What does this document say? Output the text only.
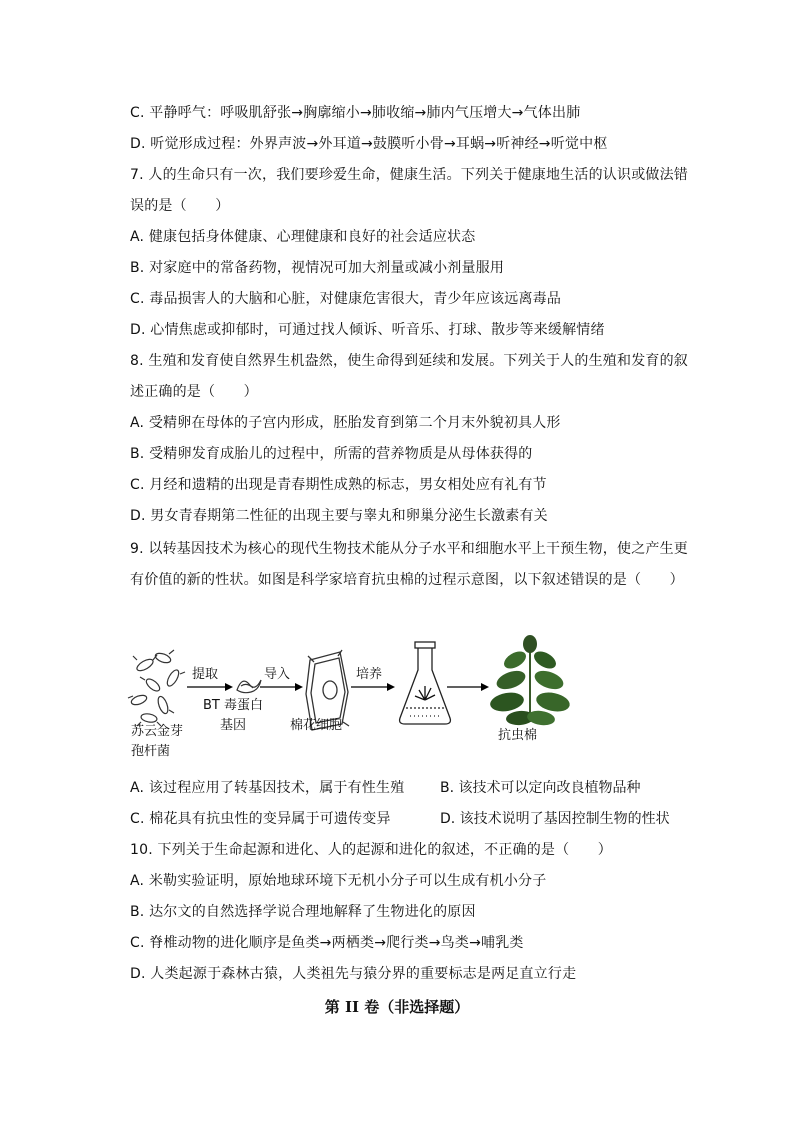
C. 平静呼气：呼吸肌舒张→胸廓缩小→肺收缩→肺内气压增大→气体出肺
D. 听觉形成过程：外界声波→外耳道→鼓膜听小骨→耳蜗→听神经→听觉中枢
7. 人的生命只有一次，我们要珍爱生命，健康生活。下列关于健康地生活的认识或做法错
误的是（　　）
A. 健康包括身体健康、心理健康和良好的社会适应状态
B. 对家庭中的常备药物，视情况可加大剂量或减小剂量服用
C. 毒品损害人的大脑和心脏，对健康危害很大，青少年应该远离毒品
D. 心情焦虑或抑郁时，可通过找人倾诉、听音乐、打球、散步等来缓解情绪
8. 生殖和发育使自然界生机盎然，使生命得到延续和发展。下列关于人的生殖和发育的叙
述正确的是（　　）
A. 受精卵在母体的子宫内形成，胚胎发育到第二个月末外貌初具人形
B. 受精卵发育成胎儿的过程中，所需的营养物质是从母体获得的
C. 月经和遗精的出现是青春期性成熟的标志，男女相处应有礼有节
D. 男女青春期第二性征的出现主要与睾丸和卵巢分泌生长激素有关
9. 以转基因技术为核心的现代生物技术能从分子水平和细胞水平上干预生物，使之产生更
有价值的新的性状。如图是科学家培育抗虫棉的过程示意图，以下叙述错误的是（　　）
提取	导入	培养
苏云金芽
孢杆菌
BT 毒蛋白
基因	棉花细胞
抗虫棉
A. 该过程应用了转基因技术，属于有性生殖	B. 该技术可以定向改良植物品种
C. 棉花具有抗虫性的变异属于可遗传变异	D. 该技术说明了基因控制生物的性状
10. 下列关于生命起源和进化、人的起源和进化的叙述，不正确的是（　　）
A. 米勒实验证明，原始地球环境下无机小分子可以生成有机小分子
B. 达尔文的自然选择学说合理地解释了生物进化的原因
C. 脊椎动物的进化顺序是鱼类→两栖类→爬行类→鸟类→哺乳类
D. 人类起源于森林古猿，人类祖先与猿分界的重要标志是两足直立行走
第 II 卷（非选择题）
